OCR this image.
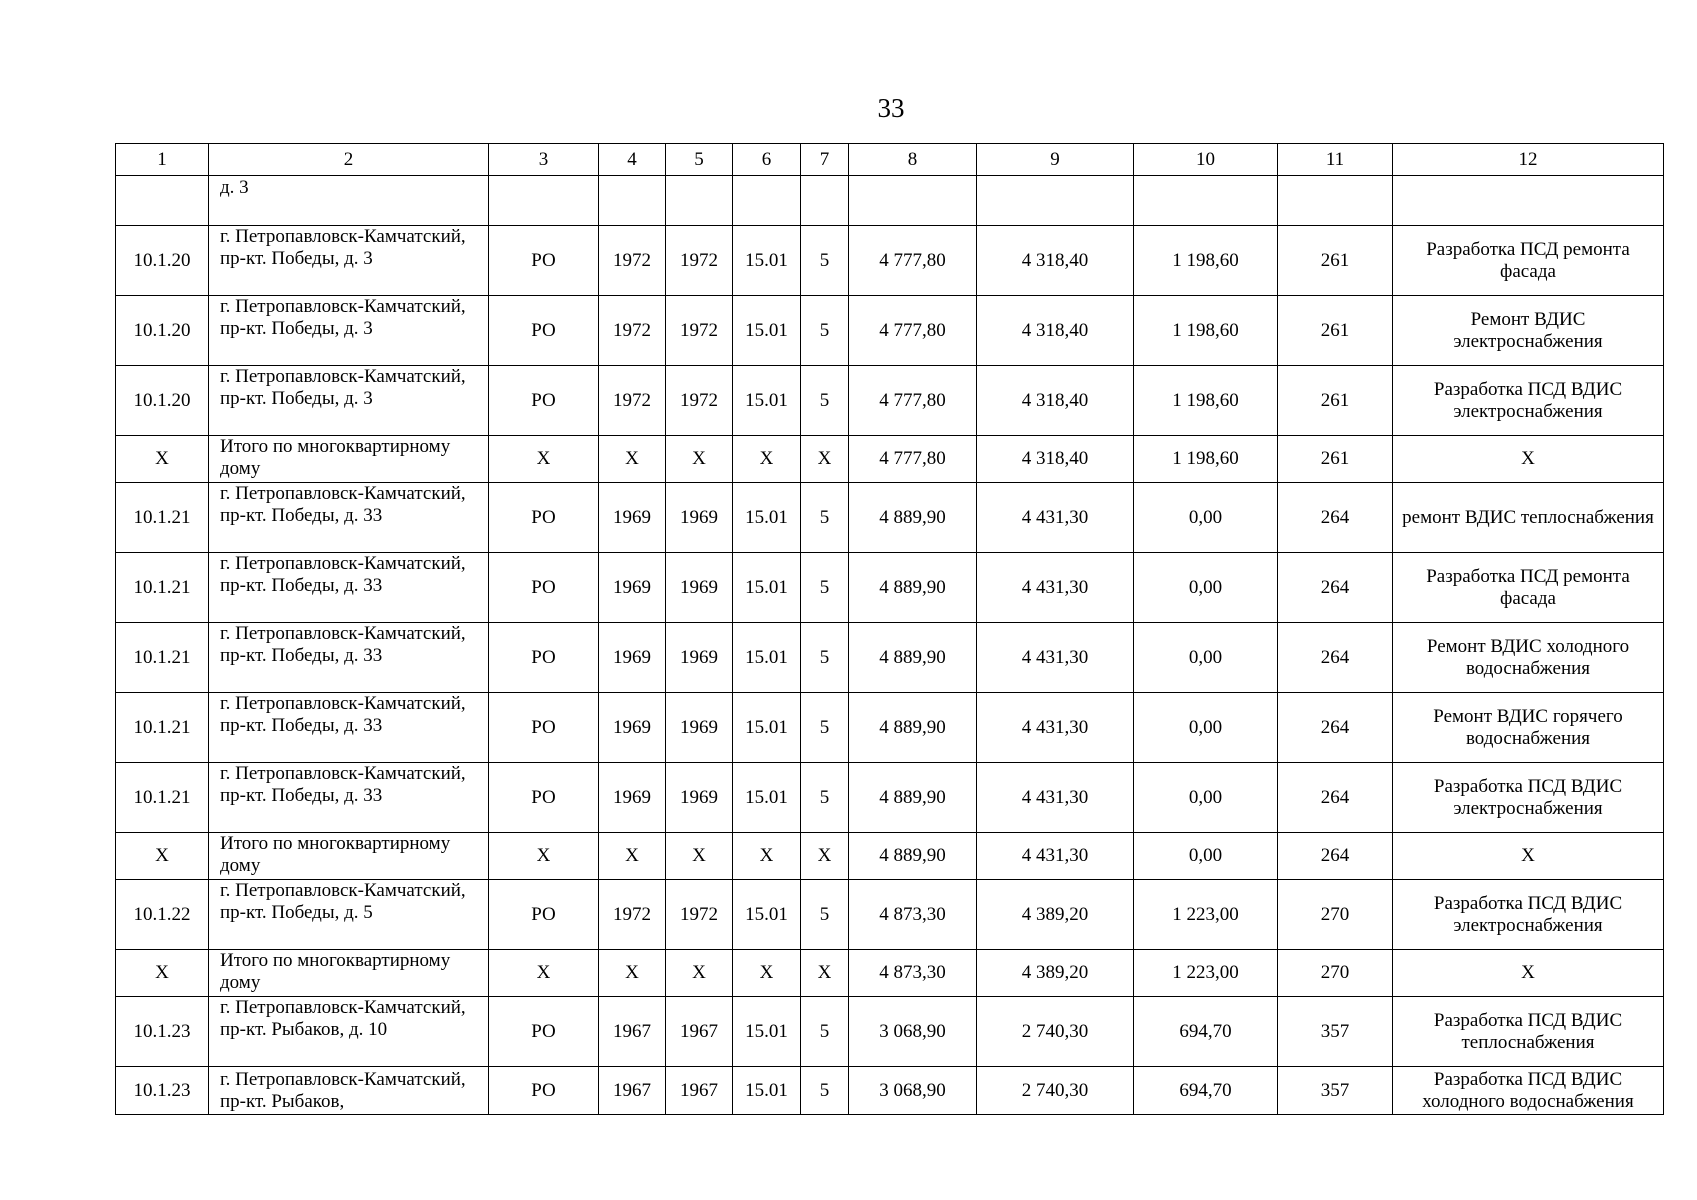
33
1	2	3	4	5	6	7	8	9	10	11	12
	д. 3										
10.1.20	г. Петропавловск-Камчатский, пр-кт. Победы, д. 3	РО	1972	1972	15.01	5	4 777,80	4 318,40	1 198,60	261	Разработка ПСД ремонта фасада
10.1.20	г. Петропавловск-Камчатский, пр-кт. Победы, д. 3	РО	1972	1972	15.01	5	4 777,80	4 318,40	1 198,60	261	Ремонт ВДИС электроснабжения
10.1.20	г. Петропавловск-Камчатский, пр-кт. Победы, д. 3	РО	1972	1972	15.01	5	4 777,80	4 318,40	1 198,60	261	Разработка ПСД ВДИС электроснабжения
X	Итого по многоквартирному дому	X	X	X	X	X	4 777,80	4 318,40	1 198,60	261	X
10.1.21	г. Петропавловск-Камчатский, пр-кт. Победы, д. 33	РО	1969	1969	15.01	5	4 889,90	4 431,30	0,00	264	ремонт ВДИС теплоснабжения
10.1.21	г. Петропавловск-Камчатский, пр-кт. Победы, д. 33	РО	1969	1969	15.01	5	4 889,90	4 431,30	0,00	264	Разработка ПСД ремонта фасада
10.1.21	г. Петропавловск-Камчатский, пр-кт. Победы, д. 33	РО	1969	1969	15.01	5	4 889,90	4 431,30	0,00	264	Ремонт ВДИС холодного водоснабжения
10.1.21	г. Петропавловск-Камчатский, пр-кт. Победы, д. 33	РО	1969	1969	15.01	5	4 889,90	4 431,30	0,00	264	Ремонт ВДИС горячего водоснабжения
10.1.21	г. Петропавловск-Камчатский, пр-кт. Победы, д. 33	РО	1969	1969	15.01	5	4 889,90	4 431,30	0,00	264	Разработка ПСД ВДИС электроснабжения
X	Итого по многоквартирному дому	X	X	X	X	X	4 889,90	4 431,30	0,00	264	X
10.1.22	г. Петропавловск-Камчатский, пр-кт. Победы, д. 5	РО	1972	1972	15.01	5	4 873,30	4 389,20	1 223,00	270	Разработка ПСД ВДИС электроснабжения
X	Итого по многоквартирному дому	X	X	X	X	X	4 873,30	4 389,20	1 223,00	270	X
10.1.23	г. Петропавловск-Камчатский, пр-кт. Рыбаков, д. 10	РО	1967	1967	15.01	5	3 068,90	2 740,30	694,70	357	Разработка ПСД ВДИС теплоснабжения
10.1.23	г. Петропавловск-Камчатский, пр-кт. Рыбаков,	РО	1967	1967	15.01	5	3 068,90	2 740,30	694,70	357	Разработка ПСД ВДИС холодного водоснабжения
